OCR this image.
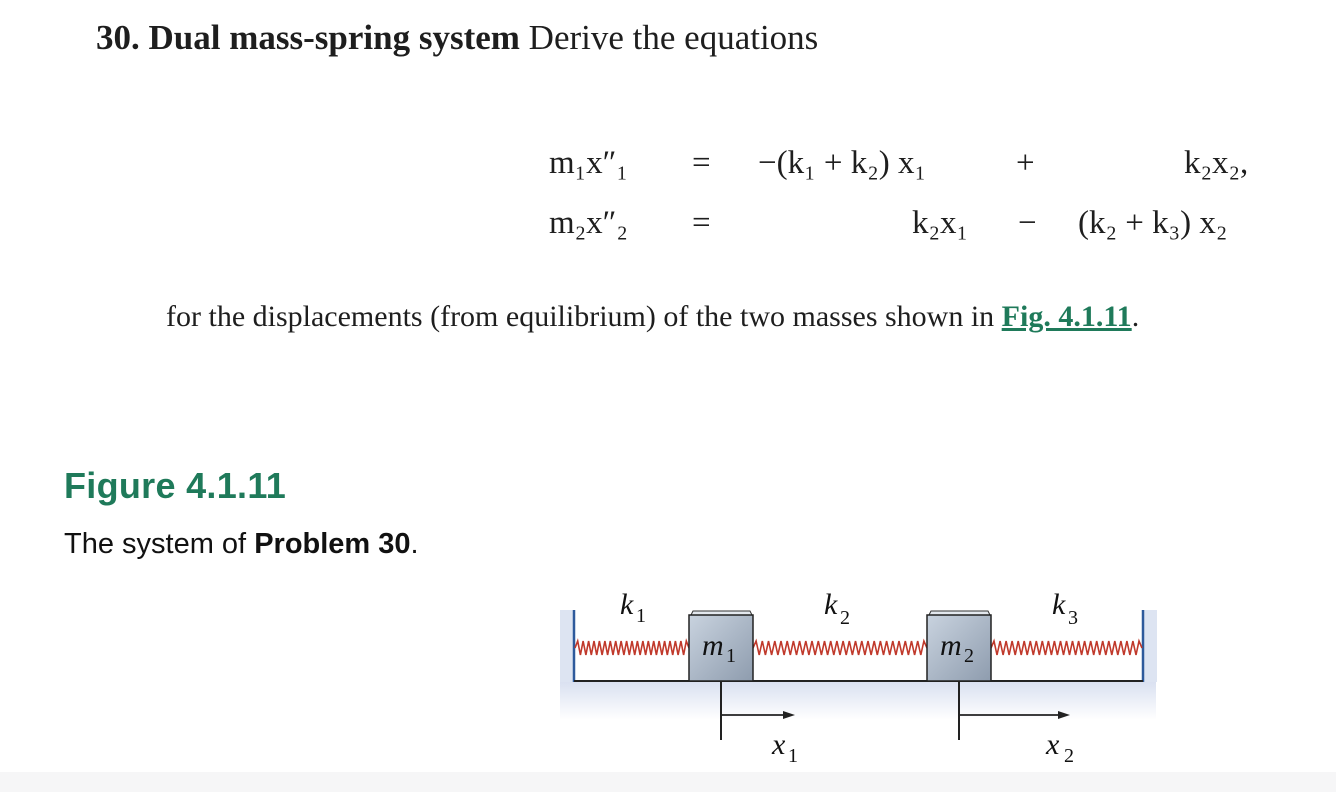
30. Dual mass-spring system Derive the equations

m₁x″₁ = −(k₁ + k₂) x₁	+	k₂x₂,
m₂x″₂ =	k₂x₁ − (k₂ + k₃) x₂

for the displacements (from equilibrium) of the two masses shown in Fig. 4.1.11.

Figure 4.1.11

The system of Problem 30.

k 1	k 2	k 3
m 1	m 2
x 1	x 2
